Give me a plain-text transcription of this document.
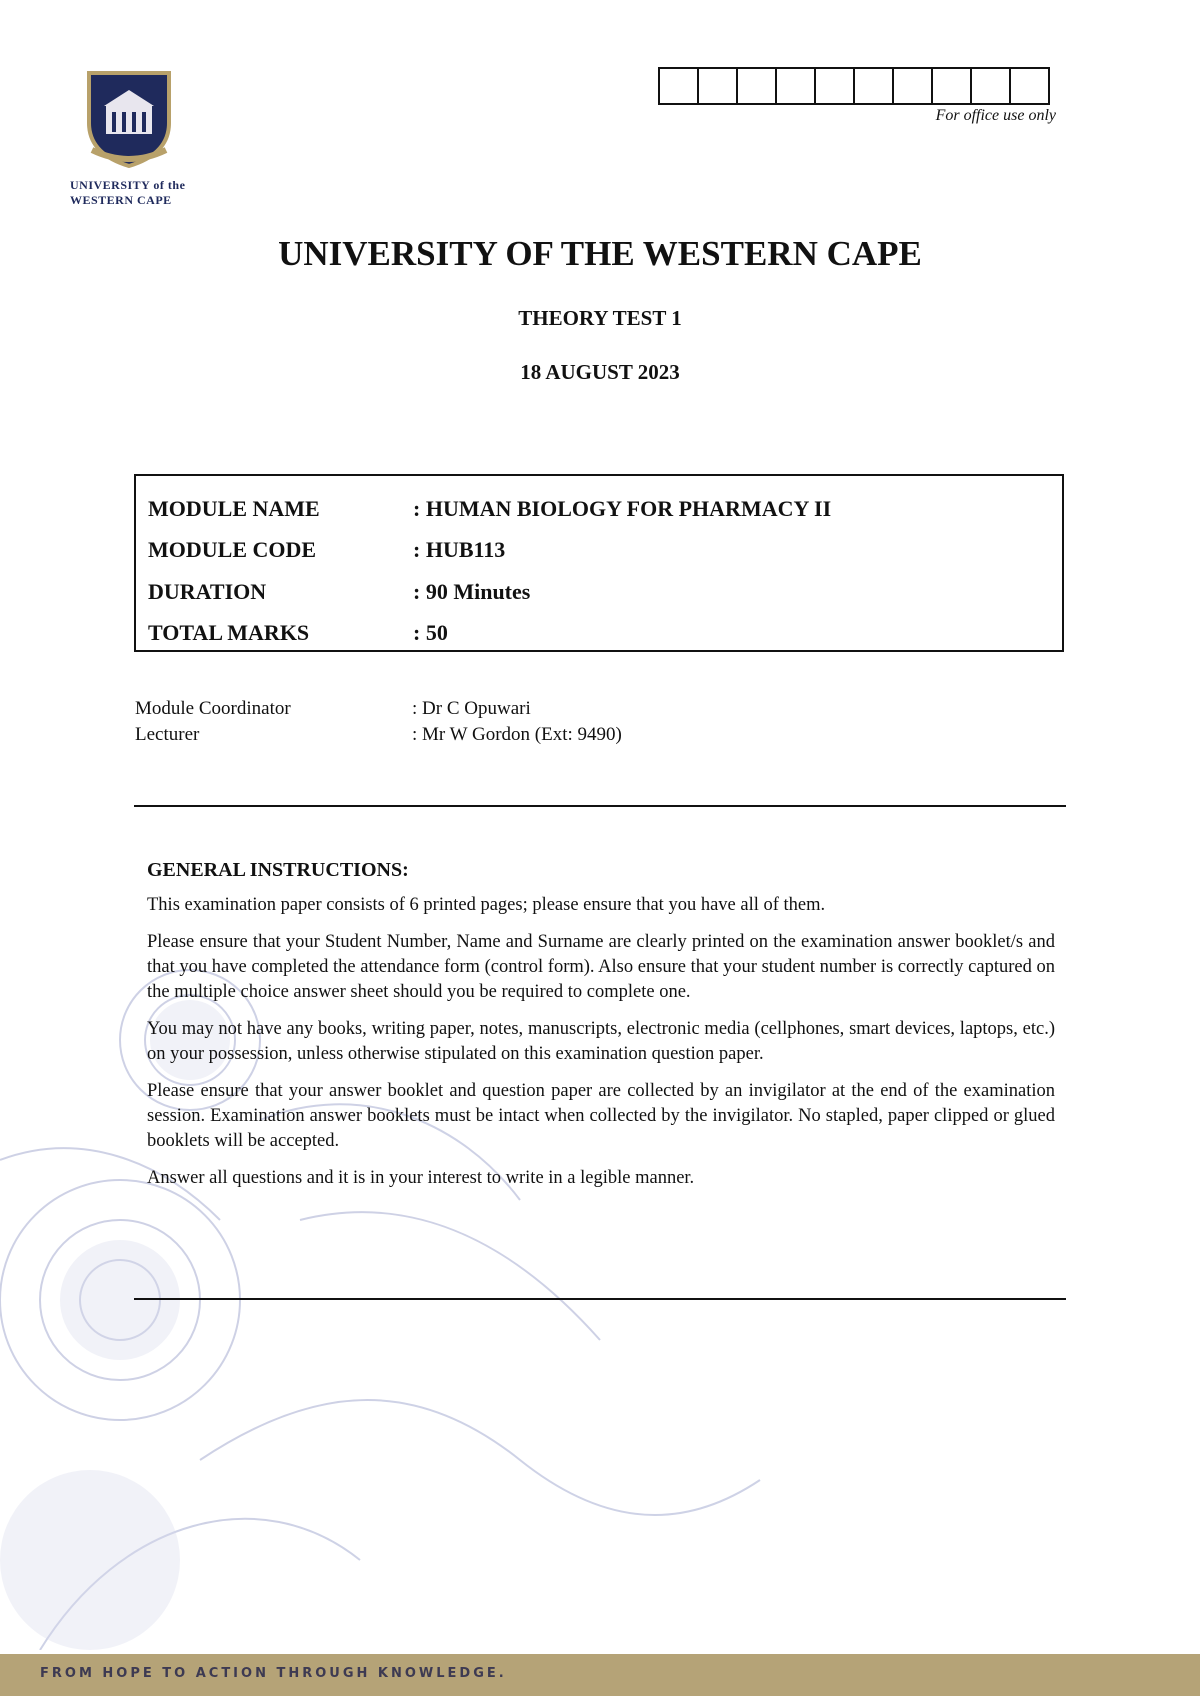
UNIVERSITY of the
WESTERN CAPE
For office use only
UNIVERSITY OF THE WESTERN CAPE
THEORY TEST 1
18 AUGUST 2023
MODULE NAME	: HUMAN BIOLOGY FOR PHARMACY II
MODULE CODE	: HUB113
DURATION	: 90 Minutes
TOTAL MARKS	: 50
Module Coordinator	: Dr C Opuwari
Lecturer	: Mr W Gordon (Ext: 9490)
GENERAL INSTRUCTIONS:

This examination paper consists of 6 printed pages; please ensure that you have all of them.

Please ensure that your Student Number, Name and Surname are clearly printed on the examination answer booklet/s and that you have completed the attendance form (control form). Also ensure that your student number is correctly captured on the multiple choice answer sheet should you be required to complete one.

You may not have any books, writing paper, notes, manuscripts, electronic media (cellphones, smart devices, laptops, etc.) on your possession, unless otherwise stipulated on this examination question paper.

Please ensure that your answer booklet and question paper are collected by an invigilator at the end of the examination session. Examination answer booklets must be intact when collected by the invigilator. No stapled, paper clipped or glued booklets will be accepted.

Answer all questions and it is in your interest to write in a legible manner.

FROM HOPE TO ACTION THROUGH KNOWLEDGE.
